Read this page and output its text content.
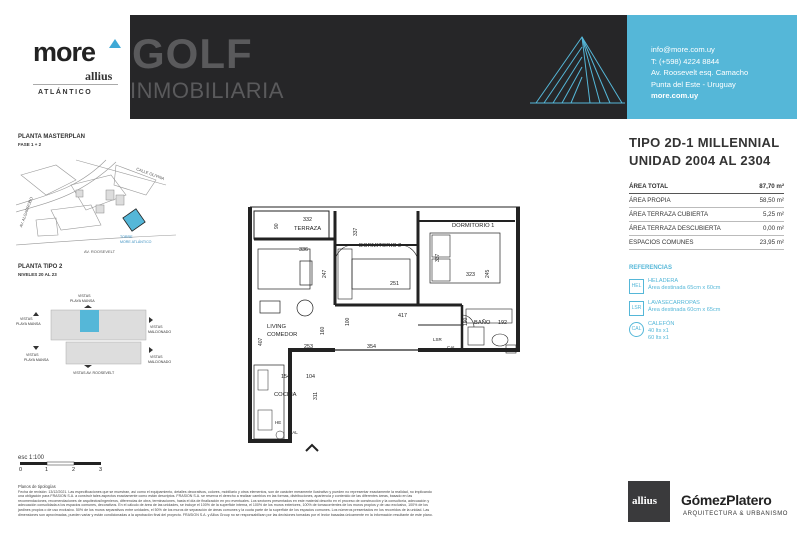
more
allius
ATLÁNTICO
GOLF
INMOBILIARIA
info@more.com.uy
T: (+598) 4224 8844
Av. Roosevelt esq. Camacho
Punta del Este - Uruguay
more.com.uy
PLANTA MASTERPLAN
FASE 1 + 2
AV. ALGARROBO
CALLE OLIVINA
AV. ROOSEVELT
TORRE
MORE ATLÁNTICO
PLANTA TIPO 2
NIVELES 20 AL 23
VISTAS
PLAYA MANSA
VISTAS
PLAYA MANSA
VISTAS
MALDONADO
VISTAS
PLAYA MANSA
VISTAS
MALDONADO
VISTAS AV. ROOSEVELT
TERRAZA
DORMITORIO 2
DORMITORIO 1
LIVING
COMEDOR
BAÑO
COCINA
332
90
337
337
336
247
251
323 245
417
160
100	190	192
407
253	354
154	104
311
LSR
CAL
HE
CAL
TIPO 2D-1 MILLENNIAL
UNIDAD 2004 AL 2304
ÁREA TOTAL	87,70 m²
ÁREA PROPIA	58,50 m²
ÁREA TERRAZA CUBIERTA	5,25 m²
ÁREA TERRAZA DESCUBIERTA	0,00 m²
ESPACIOS COMUNES	23,95 m²
REFERENCIAS
HEL
HELADERA
Área destinada 65cm x 60cm
LSR
LAVASECARROPAS
Área destinada 60cm x 65cm
CAL
CALEFÓN
40 lts x1
60 lts x1
esc 1:100
0	1	2	3
Planos de tipologías
Fecha de revisión: 13/12/2021. Las especificaciones que se muestran, así como el equipamiento, detalles decorativos, colores, mobiliario y otros elementos, son de carácter meramente ilustrativo y pueden no representar exactamente la realidad, no implicando una obligación para FRASION S.A. a construir tales aspectos exactamente como están descriptos. FRASION S.A. se reserva el derecho a realizar cambios en las formas, distribuciones, apariencia y contenido de las diferentes áreas, basado en las recomendaciones, recomendaciones de arquitectos/ingenieros, diferencias de obra, terminaciones, hasta el día de finalización en pro eventuales. Los sectores presentados en este material descrito en el proceso de construcción y la consultoría, adecuación y adecuación consolidada a los espacios comunes, decorativos. En el cálculo de área de las unidades, se incluye el 100% de la superficie interna, el 100% de los muros exteriores, 100% de tomacorrientes de los muros propios y de uso exclusivo, 100% de los jardines propios o de uso exclusivo. 50% de los muros separativos entre unidades, el 50% de los muros de separación de áreas comunes y la cuota parte de la superficie de los espacios comunes. Los números presentados en los recorridos de la unidad. Las dimensiones son aproximadas, pueden variar y están condicionadas a la aprobación final del proyecto. FRASION S.A. y Allius Group no se responsabilizan por las decisiones tomadas por el lector basadas únicamente en la información resultante de este plano.
allius GómezPlatero
ARQUITECTURA & URBANISMO
